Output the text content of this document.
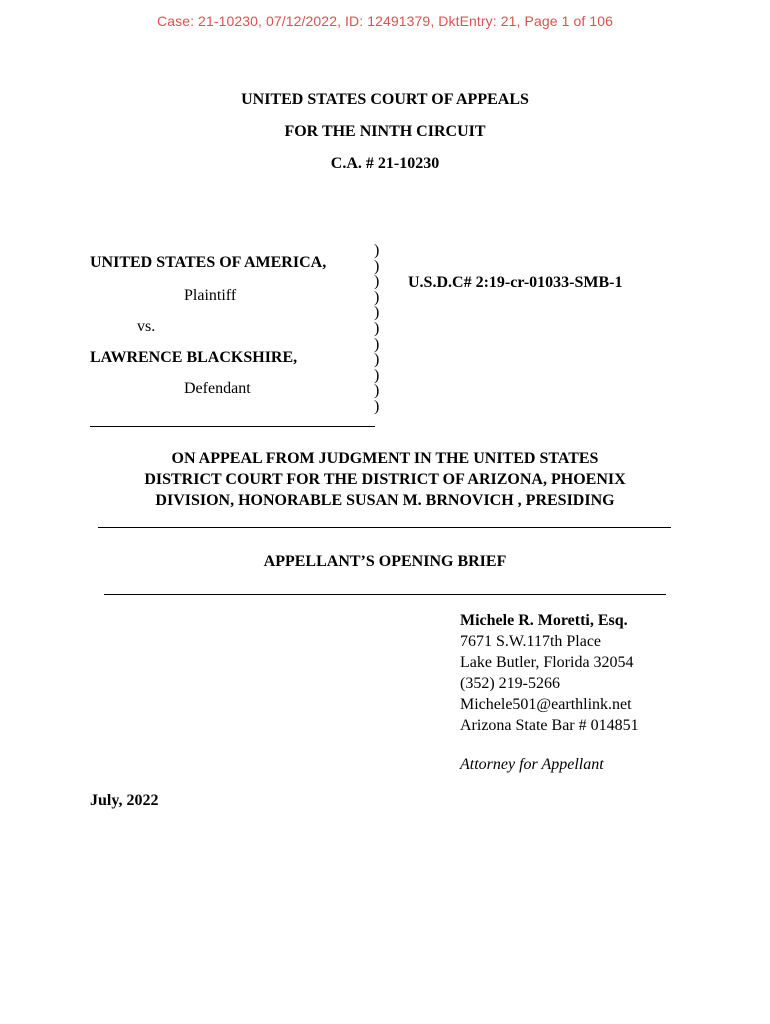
Case: 21-10230, 07/12/2022, ID: 12491379, DktEntry: 21, Page 1 of 106
UNITED STATES COURT OF APPEALS
FOR THE NINTH CIRCUIT
C.A. # 21-10230
UNITED STATES OF AMERICA,
Plaintiff
vs.
LAWRENCE BLACKSHIRE,
Defendant
)
)
)
)
)
)
)
)
)
)
)
U.S.D.C# 2:19-cr-01033-SMB-1
ON APPEAL FROM JUDGMENT IN THE UNITED STATES
DISTRICT COURT FOR THE DISTRICT OF ARIZONA, PHOENIX
DIVISION, HONORABLE SUSAN M. BRNOVICH , PRESIDING
APPELLANT’S OPENING BRIEF
Michele R. Moretti, Esq.
7671 S.W.117th Place
Lake Butler, Florida 32054
(352) 219-5266
Michele501@earthlink.net
Arizona State Bar # 014851
Attorney for Appellant
July, 2022
